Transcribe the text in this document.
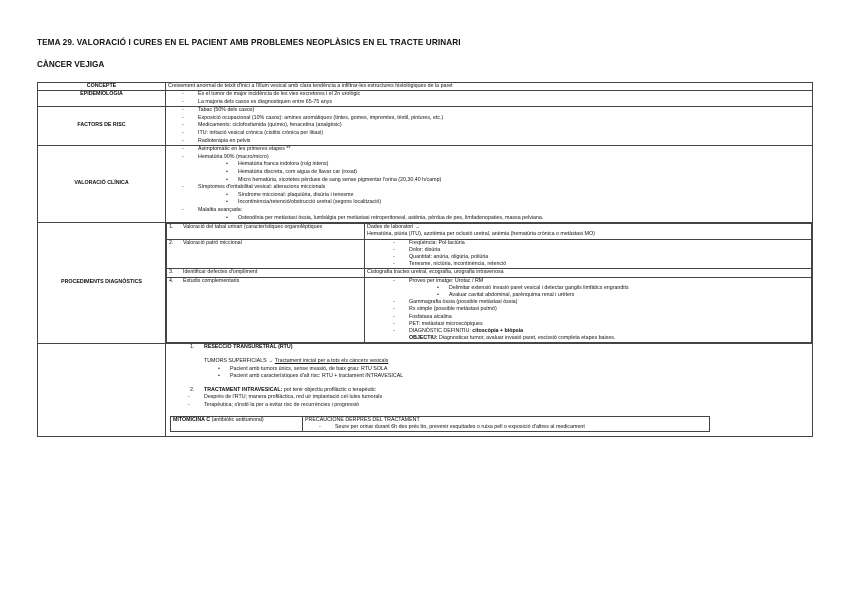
TEMA 29. VALORACIÓ I CURES EN EL PACIENT AMB PROBLEMES NEOPLÀSICS EN EL TRACTE URINARI
CÀNCER VEJIGA
CONCEPTE	Creixement anormal de teixit d'inici a l'illum vesical amb clara tendència a infiltrar-les estructures histològiques de la paret
EPIDEMIOLOGIA	
-És el tumor de major incidència de les vies excretores i el 2n urològic
- La majoria dels casos es diagnostiquen entre 65-75 anys

FACTORS DE RISC	
- Tabac (50% dels casos)
- Exposició ocupacional (10% casos): amines aromàtiques (tintes, gomes, impremtes, tèxtil, pintures, etc.)
- Medicaments: ciclofosfamida (químio), fenacetina (analgèsic)
- ITU: irritació vesical crònica (cistitis crònica per litiasi)
- Radioteràpia en pelvis

VALORACIÓ CLÍNICA	
- Asimptomàtic en les primeres etapes **
- Hematúria 90% (macro/micro)
• Hematúria franca indolora (roig intens)
• Hematúria discreta, com aigua de llavar car (rosat)
• Micro hematúria, xicotetes pèrdues de sang sense pigmentar l'orina (20,30,40 h/camp)
- Símptomes d'irritabilitat vesical: alteracions miccionals
• Síndrome miccional: plaquiúria, disúria i tenesme
• Incontinència/retenció/obstrucció uretral (segons localització)
- Malaltia avançada:
• Osteodínia per metàstasi òssia, lumbàlgia per metàstasi retroperitoneal, astènia, pèrdua de pes, limfadenopaties, massa pelviana.

PROCEDIMENTS DIAGNÒSTICS	
1. Valoració del tabal urinari (característiques organolèptiques	Dades de laboratori →
Hematúria, piúria (ITU), azotèmia per oclusió uretral, anèmia (hematúria crònica o metàstasi MO)

2. Valoració patró miccional	
-Freqüència: Pol·laciúria
- Dolor: disúria
- Quantitat: anúria, oligúria, poliúria
- Tenesme, nictúria, incontinència, retenció

3. Identificar defectes d'ompliment	Cistografia tractes uretral, ecografia, urografia intravenosa
4. Estudis complementaris	
-Proves per imatge: Urotac / RM
• Delimitar extensió invasió paret vesical i detectar ganglis limfàtics engrandits
• Avaluar cavitat abdominal, parènquima renal i urèters
- Gammagrafia òssia (possible metàstasi òssia)
- Rx simple (possible metàstasi pulmó)
- Fosfatasa alcalina
- PET: metàstasi microscòpiques
- DIAGNÒSTIC DEFINITIU: citoscòpia + biòpsia
OBJECTIU: Diagnosticar tumor, avaluar invasió paret, escissió completa etapes baixes.

1. RESECCIÓ TRANSURETRAL (RTU)
TUMORS SUPERFICIALS → Tractament inicial per a tots els càncers vesicals
• Pacient amb tumors únics, sense invasió, de baix grau: RTU SOLA
• Pacient amb característiques d'alt risc: RTU + tractament INTRAVESICAL
2. TRACTAMENT INTRAVESICAL: pot tenir objectiu profilàctic o terapèutic
- Després de l'RTU; manera profilàctica, red uir implantació cel·lules tumorals
- Terapèutica; s'instil·la per a evitar risc de recurrències i progressió
MITOMICINA C (antibiòtic antitumoral)	PRECAUCIONE DERPRÉS DEL TRACTAMENT
- Seure per orinar durant 6h des prés tto, prevenir esquitades o ruixa pell o exposició d'altres al medicament
